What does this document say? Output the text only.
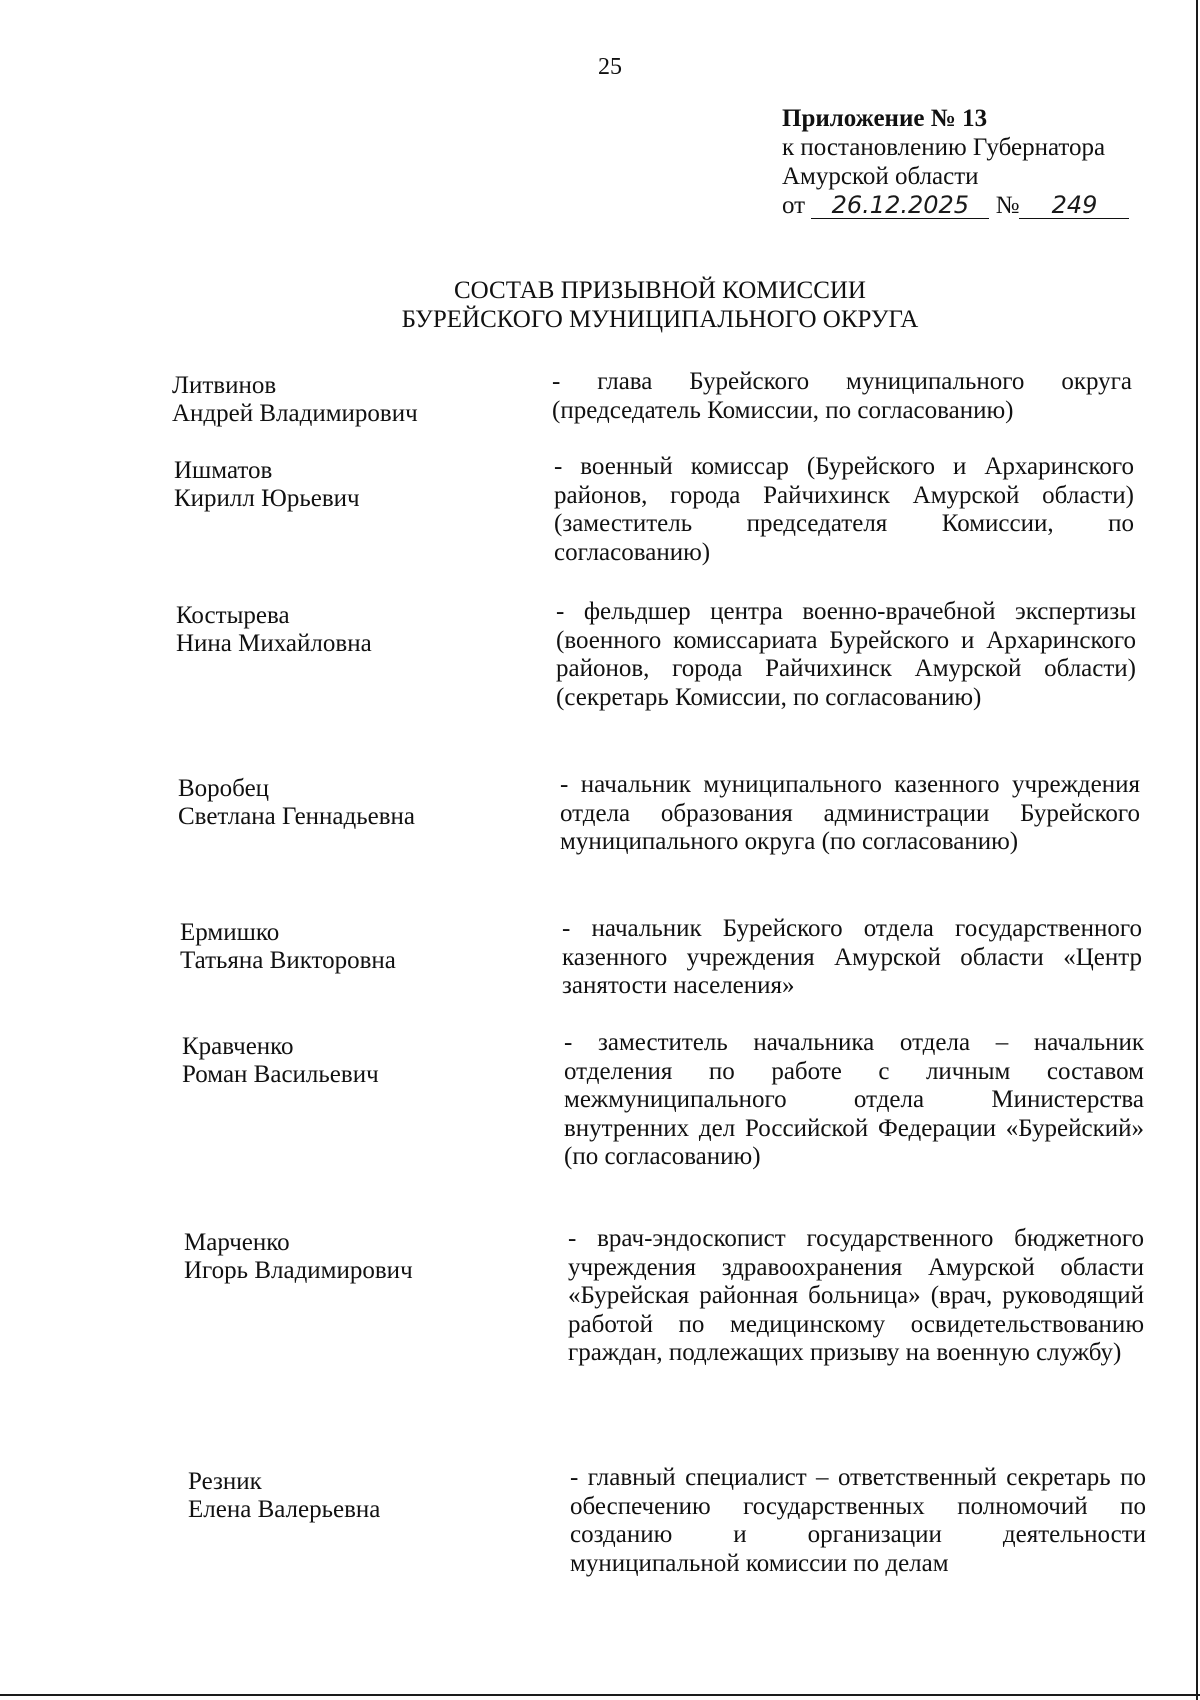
25
Приложение № 13
к постановлению Губернатора
Амурской области
от 26.12.2025 № 249
СОСТАВ ПРИЗЫВНОЙ КОМИССИИ
БУРЕЙСКОГО МУНИЦИПАЛЬНОГО ОКРУГА
Литвинов
Андрей Владимирович
- глава Бурейского муниципального округа (председатель Комиссии, по согласованию)
Ишматов
Кирилл Юрьевич
- военный комиссар (Бурейского и Архаринского районов, города Райчихинск Амурской области) (заместитель председателя Комиссии, по согласованию)
Костырева
Нина Михайловна
- фельдшер центра военно-врачебной экспертизы (военного комиссариата Бурейского и Архаринского районов, города Райчихинск Амурской области) (секретарь Комиссии, по согласованию)
Воробец
Светлана Геннадьевна
- начальник муниципального казенного учреждения отдела образования администрации Бурейского муниципального округа (по согласованию)
Ермишко
Татьяна Викторовна
- начальник Бурейского отдела государственного казенного учреждения Амурской области «Центр занятости населения»
Кравченко
Роман Васильевич
- заместитель начальника отдела – начальник отделения по работе с личным составом межмуниципального отдела Министерства внутренних дел Российской Федерации «Бурейский» (по согласованию)
Марченко
Игорь Владимирович
- врач-эндоскопист государственного бюджетного учреждения здравоохранения Амурской области «Бурейская районная больница» (врач, руководящий работой по медицинскому освидетельствованию граждан, подлежащих призыву на военную службу)
Резник
Елена Валерьевна
- главный специалист – ответственный секретарь по обеспечению государственных полномочий по созданию и организации деятельности муниципальной комиссии по делам
